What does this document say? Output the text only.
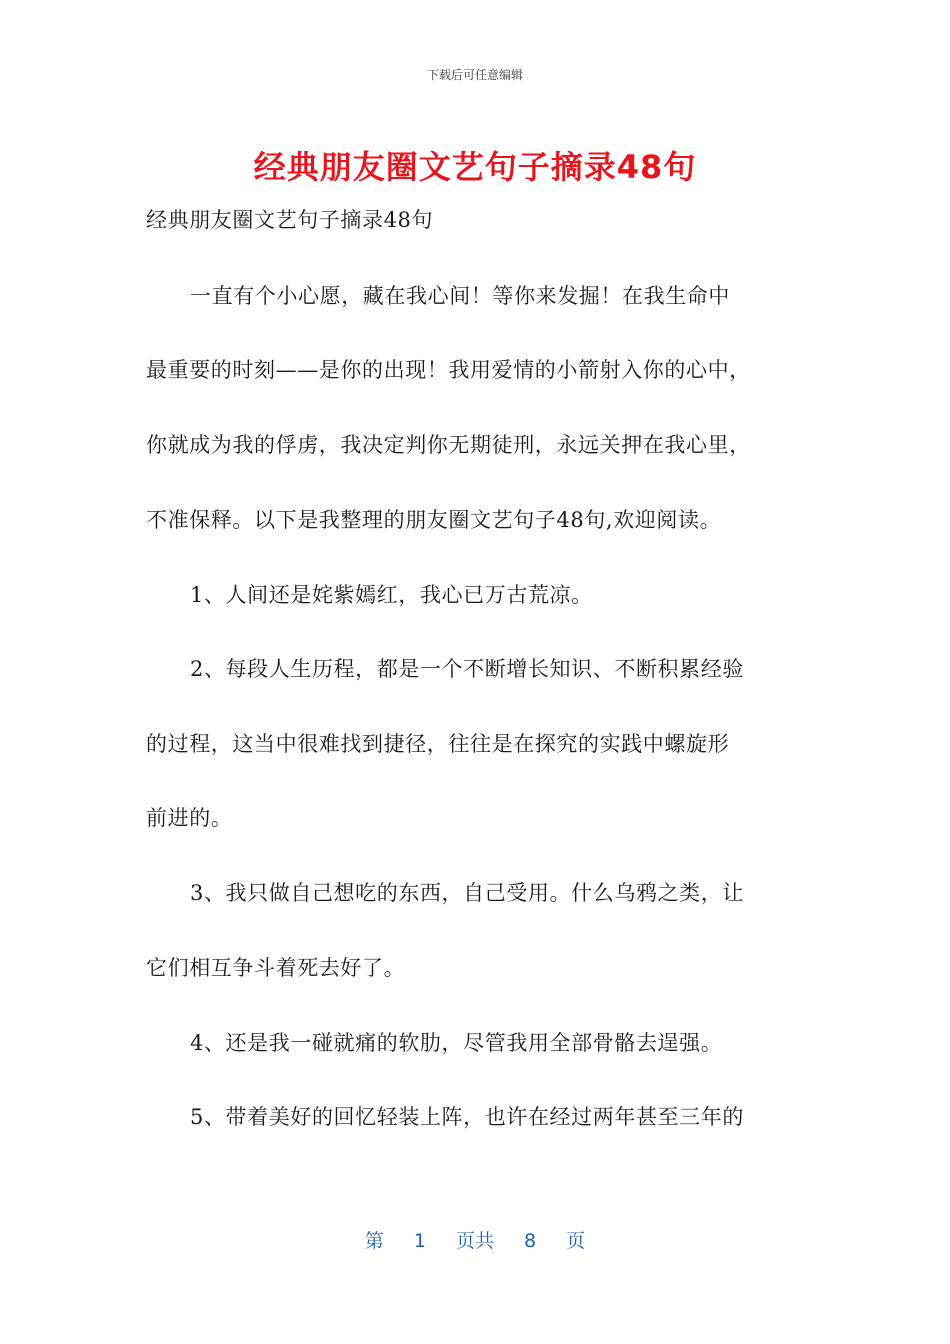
下载后可任意编辑
经典朋友圈文艺句子摘录48句
经典朋友圈文艺句子摘录48句
一直有个小心愿，藏在我心间！等你来发掘！在我生命中
最重要的时刻——是你的出现！我用爱情的小箭射入你的心中，
你就成为我的俘虏，我决定判你无期徒刑，永远关押在我心里，
不准保释。以下是我整理的朋友圈文艺句子48句,欢迎阅读。
1、人间还是姹紫嫣红，我心已万古荒凉。
2、每段人生历程，都是一个不断增长知识、不断积累经验
的过程，这当中很难找到捷径，往往是在探究的实践中螺旋形
前进的。
3、我只做自己想吃的东西，自己受用。什么乌鸦之类，让
它们相互争斗着死去好了。
4、还是我一碰就痛的软肋，尽管我用全部骨骼去逞强。
5、带着美好的回忆轻装上阵，也许在经过两年甚至三年的
第 1 页共 8 页
